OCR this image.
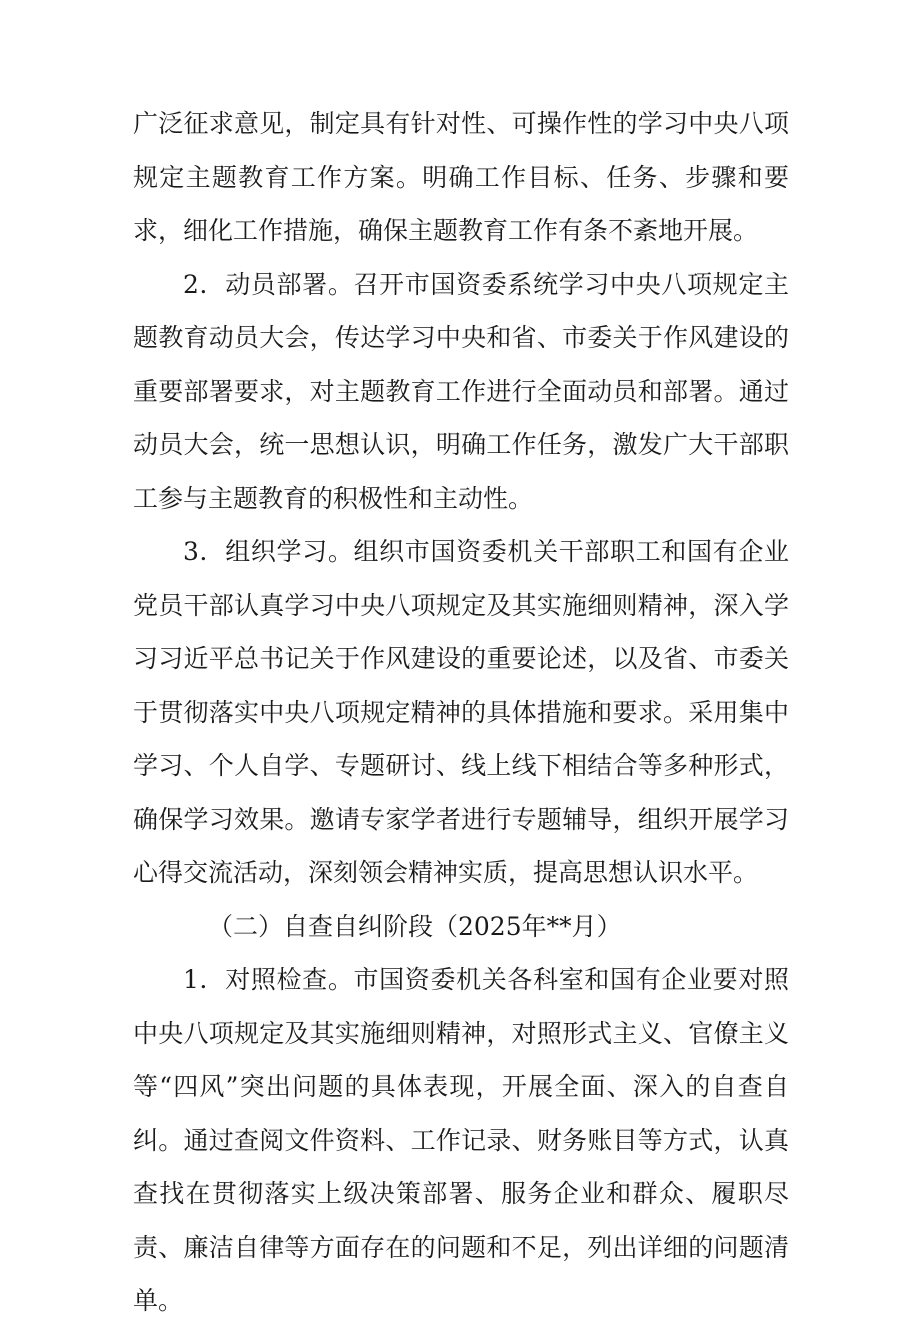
广泛征求意见，制定具有针对性、可操作性的学习中央八项规定主题教育工作方案。明确工作目标、任务、步骤和要求，细化工作措施，确保主题教育工作有条不紊地开展。

2．动员部署。召开市国资委系统学习中央八项规定主题教育动员大会，传达学习中央和省、市委关于作风建设的重要部署要求，对主题教育工作进行全面动员和部署。通过动员大会，统一思想认识，明确工作任务，激发广大干部职工参与主题教育的积极性和主动性。

3．组织学习。组织市国资委机关干部职工和国有企业党员干部认真学习中央八项规定及其实施细则精神，深入学习习近平总书记关于作风建设的重要论述，以及省、市委关于贯彻落实中央八项规定精神的具体措施和要求。采用集中学习、个人自学、专题研讨、线上线下相结合等多种形式，确保学习效果。邀请专家学者进行专题辅导，组织开展学习心得交流活动，深刻领会精神实质，提高思想认识水平。

（二）自查自纠阶段（2025年**月）

1．对照检查。市国资委机关各科室和国有企业要对照中央八项规定及其实施细则精神，对照形式主义、官僚主义等“四风”突出问题的具体表现，开展全面、深入的自查自纠。通过查阅文件资料、工作记录、财务账目等方式，认真查找在贯彻落实上级决策部署、服务企业和群众、履职尽责、廉洁自律等方面存在的问题和不足，列出详细的问题清单。
